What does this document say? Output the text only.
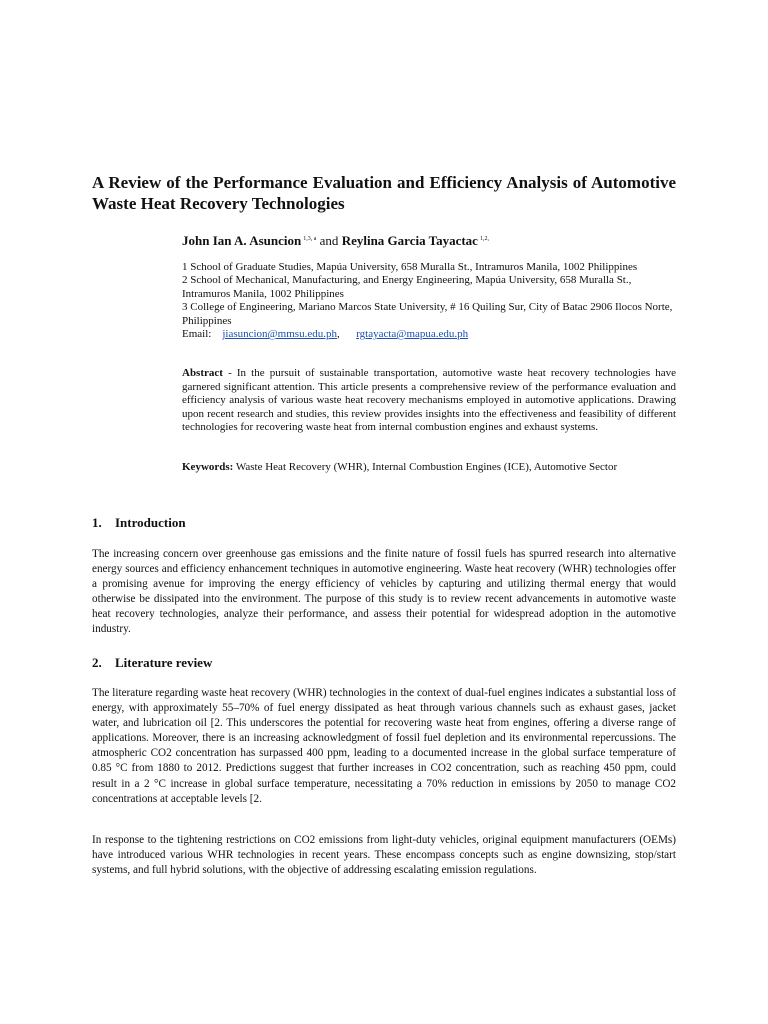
A Review of the Performance Evaluation and Efficiency Analysis of Automotive Waste Heat Recovery Technologies
John Ian A. Asuncion $^{1,3, a}$ and Reylina Garcia Tayactac $^{1,2,}$
1 School of Graduate Studies, Mapúa University, 658 Muralla St., Intramuros Manila, 1002 Philippines
2 School of Mechanical, Manufacturing, and Energy Engineering, Mapúa University, 658 Muralla St., Intramuros Manila, 1002 Philippines
3 College of Engineering, Mariano Marcos State University, # 16 Quiling Sur, City of Batac 2906 Ilocos Norte, Philippines
Email: jiasuncion@mmsu.edu.ph, rgtayacta@mapua.edu.ph
Abstract - In the pursuit of sustainable transportation, automotive waste heat recovery technologies have garnered significant attention. This article presents a comprehensive review of the performance evaluation and efficiency analysis of various waste heat recovery mechanisms employed in automotive applications. Drawing upon recent research and studies, this review provides insights into the effectiveness and feasibility of different technologies for recovering waste heat from internal combustion engines and exhaust systems.
Keywords: Waste Heat Recovery (WHR), Internal Combustion Engines (ICE), Automotive Sector
1. Introduction
The increasing concern over greenhouse gas emissions and the finite nature of fossil fuels has spurred research into alternative energy sources and efficiency enhancement techniques in automotive engineering. Waste heat recovery (WHR) technologies offer a promising avenue for improving the energy efficiency of vehicles by capturing and utilizing thermal energy that would otherwise be dissipated into the environment. The purpose of this study is to review recent advancements in automotive waste heat recovery technologies, analyze their performance, and assess their potential for widespread adoption in the automotive industry.
2. Literature review
The literature regarding waste heat recovery (WHR) technologies in the context of dual-fuel engines indicates a substantial loss of energy, with approximately 55–70% of fuel energy dissipated as heat through various channels such as exhaust gases, jacket water, and lubrication oil [2. This underscores the potential for recovering waste heat from engines, offering a diverse range of applications. Moreover, there is an increasing acknowledgment of fossil fuel depletion and its environmental repercussions. The atmospheric CO2 concentration has surpassed 400 ppm, leading to a documented increase in the global surface temperature of 0.85 °C from 1880 to 2012. Predictions suggest that further increases in CO2 concentration, such as reaching 450 ppm, could result in a 2 °C increase in global surface temperature, necessitating a 70% reduction in emissions by 2050 to manage CO2 concentrations at acceptable levels [2.
In response to the tightening restrictions on CO2 emissions from light-duty vehicles, original equipment manufacturers (OEMs) have introduced various WHR technologies in recent years. These encompass concepts such as engine downsizing, stop/start systems, and full hybrid solutions, with the objective of addressing escalating emission regulations.
